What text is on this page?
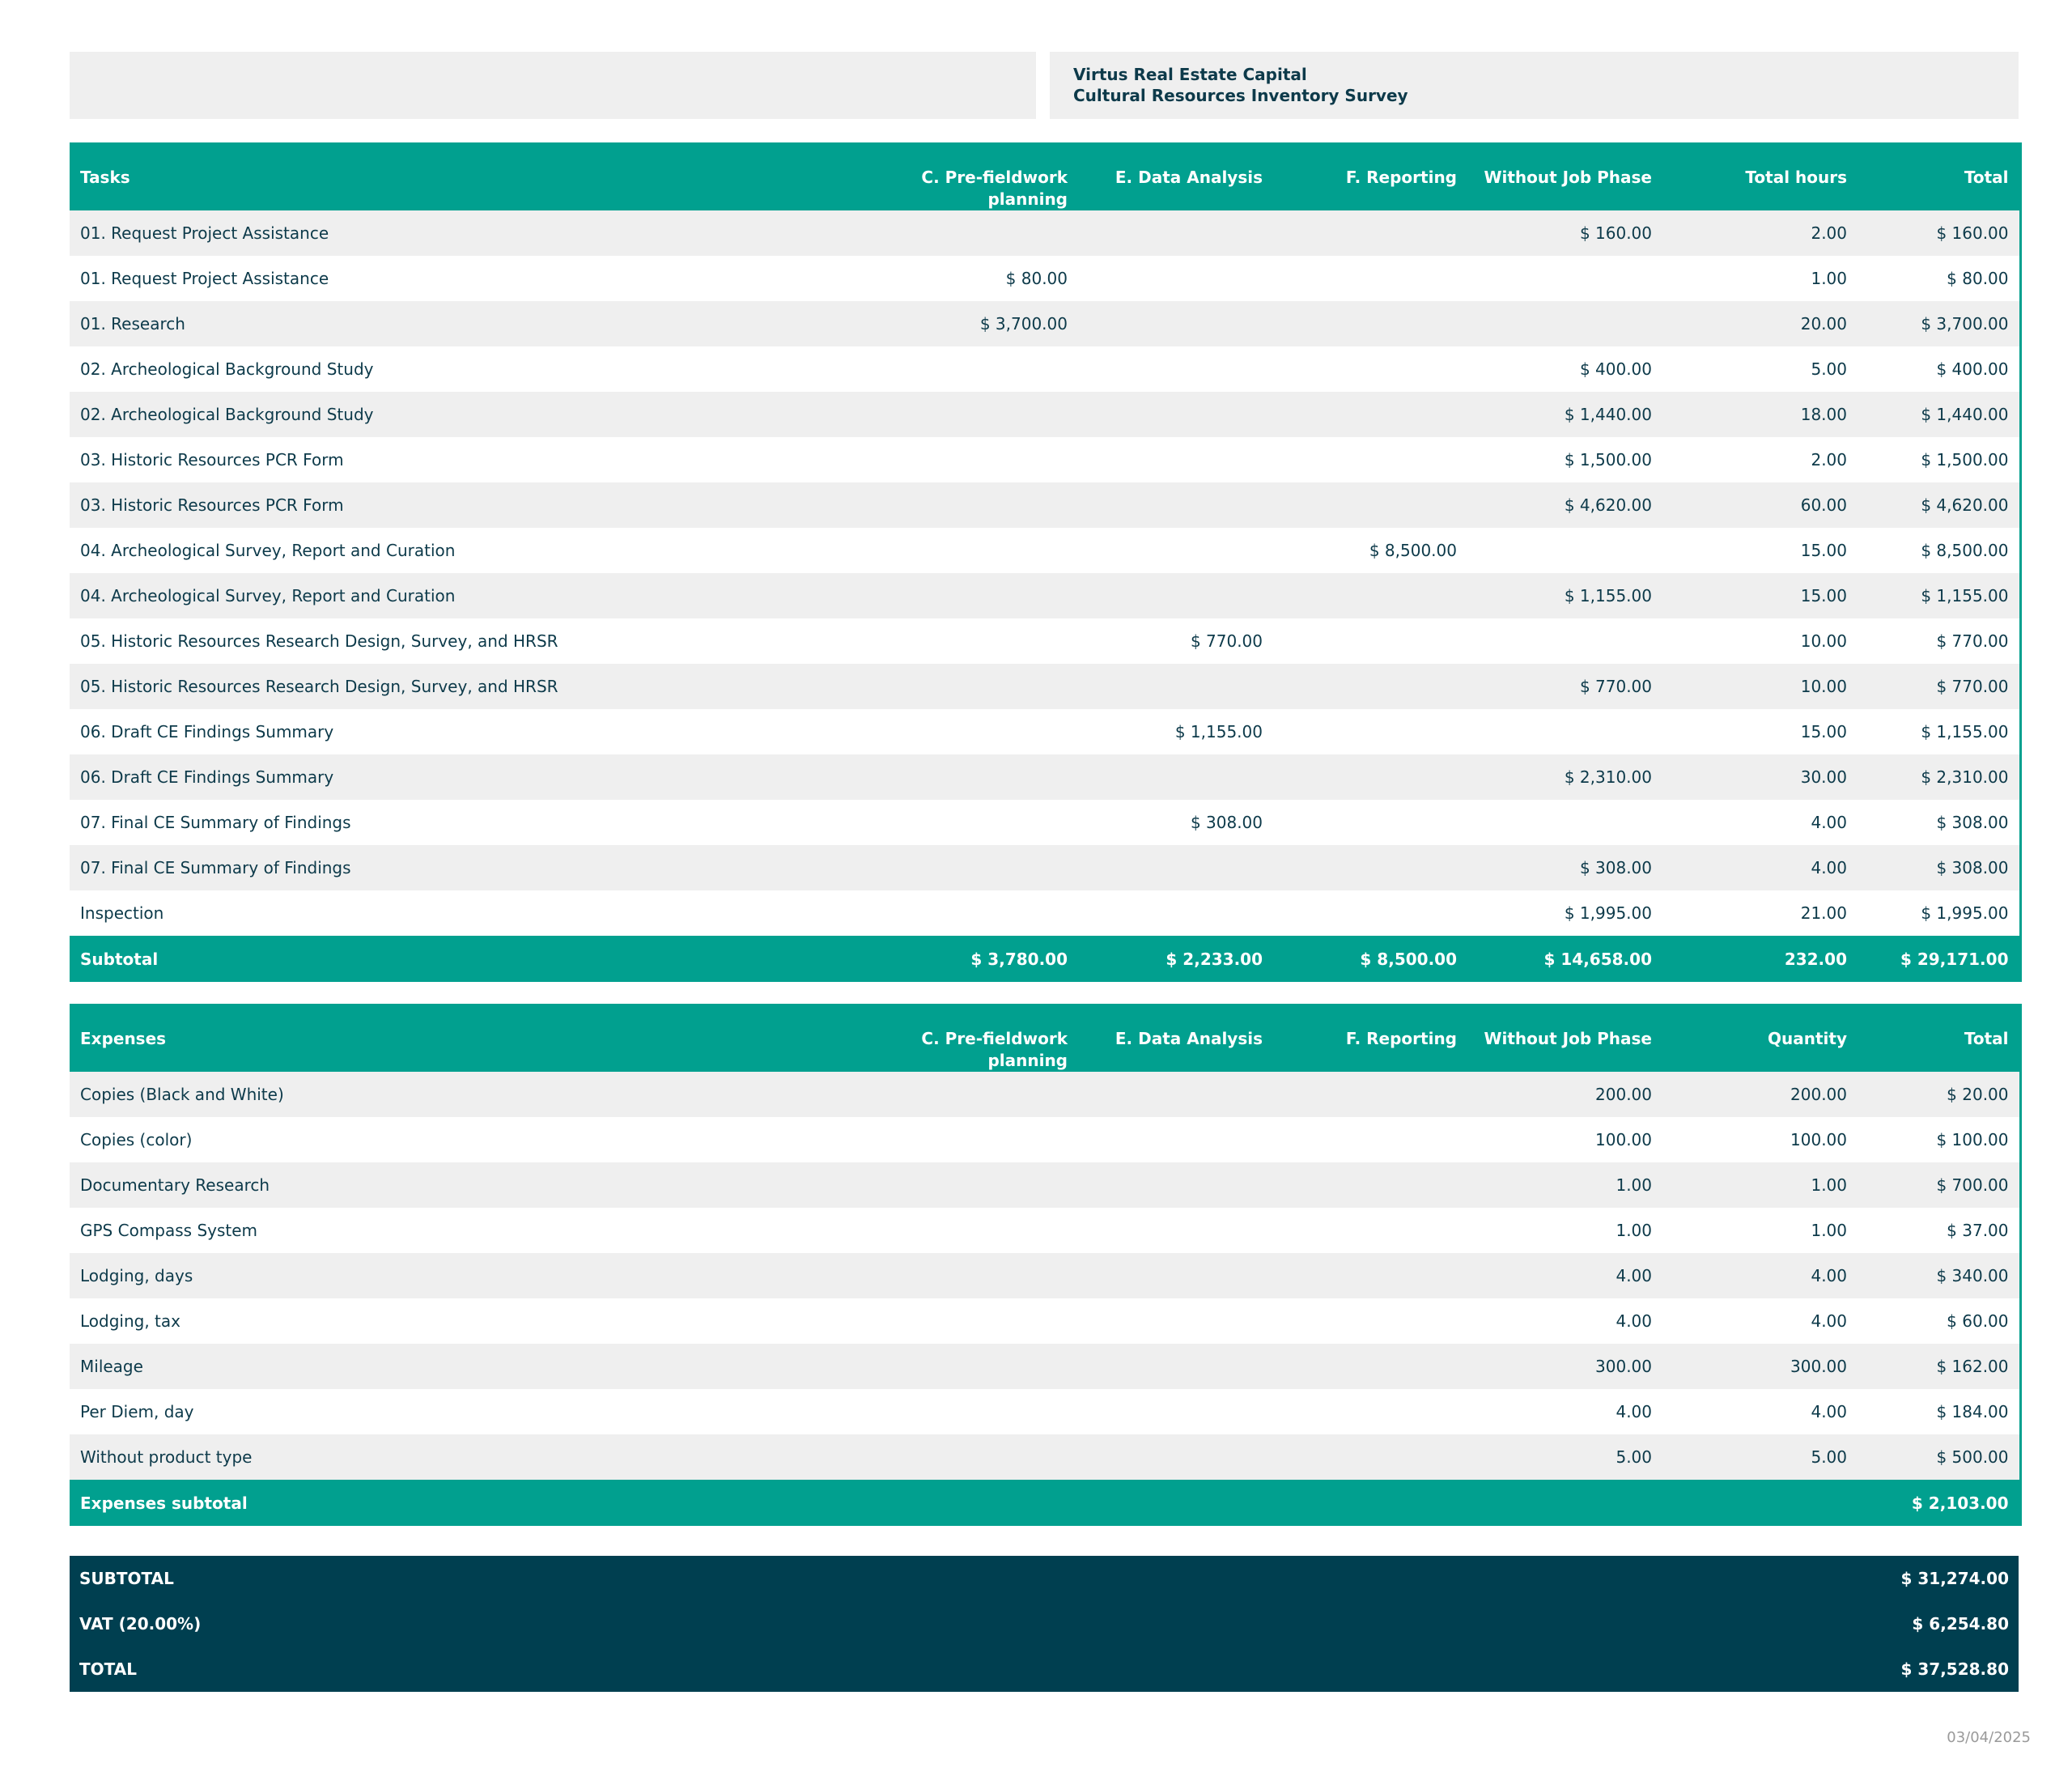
Virtus Real Estate Capital
Cultural Resources Inventory Survey
Tasks	C. Pre-fieldwork planning	E. Data Analysis	F. Reporting	Without Job Phase	Total hours	Total
01. Request Project Assistance				$ 160.00	2.00	$ 160.00
01. Request Project Assistance	$ 80.00				1.00	$ 80.00
01. Research	$ 3,700.00				20.00	$ 3,700.00
02. Archeological Background Study				$ 400.00	5.00	$ 400.00
02. Archeological Background Study				$ 1,440.00	18.00	$ 1,440.00
03. Historic Resources PCR Form				$ 1,500.00	2.00	$ 1,500.00
03. Historic Resources PCR Form				$ 4,620.00	60.00	$ 4,620.00
04. Archeological Survey, Report and Curation			$ 8,500.00		15.00	$ 8,500.00
04. Archeological Survey, Report and Curation				$ 1,155.00	15.00	$ 1,155.00
05. Historic Resources Research Design, Survey, and HRSR		$ 770.00			10.00	$ 770.00
05. Historic Resources Research Design, Survey, and HRSR				$ 770.00	10.00	$ 770.00
06. Draft CE Findings Summary		$ 1,155.00			15.00	$ 1,155.00
06. Draft CE Findings Summary				$ 2,310.00	30.00	$ 2,310.00
07. Final CE Summary of Findings		$ 308.00			4.00	$ 308.00
07. Final CE Summary of Findings				$ 308.00	4.00	$ 308.00
Inspection				$ 1,995.00	21.00	$ 1,995.00
Subtotal	$ 3,780.00	$ 2,233.00	$ 8,500.00	$ 14,658.00	232.00	$ 29,171.00
Expenses	C. Pre-fieldwork planning	E. Data Analysis	F. Reporting	Without Job Phase	Quantity	Total
Copies (Black and White)				200.00	200.00	$ 20.00
Copies (color)				100.00	100.00	$ 100.00
Documentary Research				1.00	1.00	$ 700.00
GPS Compass System				1.00	1.00	$ 37.00
Lodging, days				4.00	4.00	$ 340.00
Lodging, tax				4.00	4.00	$ 60.00
Mileage				300.00	300.00	$ 162.00
Per Diem, day				4.00	4.00	$ 184.00
Without product type				5.00	5.00	$ 500.00
Expenses subtotal						$ 2,103.00
SUBTOTAL	$ 31,274.00
VAT (20.00%)	$ 6,254.80
TOTAL	$ 37,528.80
03/04/2025
